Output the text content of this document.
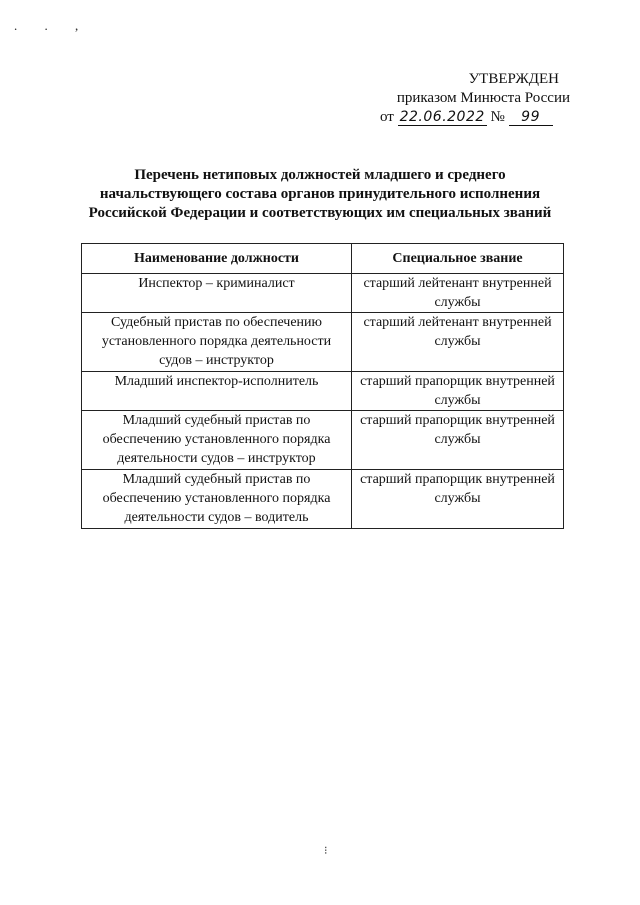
. . ,
УТВЕРЖДЕН
приказом Минюста России
от 22.06.2022 № 99
Перечень нетиповых должностей младшего и среднего начальствующего состава органов принудительного исполнения Российской Федерации и соответствующих им специальных званий
Наименование должности	Специальное звание
Инспектор – криминалист	старший лейтенант внутренней службы
Судебный пристав по обеспечению установленного порядка деятельности судов – инструктор	старший лейтенант внутренней службы
Младший инспектор-исполнитель	старший прапорщик внутренней службы
Младший судебный пристав по обеспечению установленного порядка деятельности судов – инструктор	старший прапорщик внутренней службы
Младший судебный пристав по обеспечению установленного порядка деятельности судов – водитель	старший прапорщик внутренней службы
⁝
